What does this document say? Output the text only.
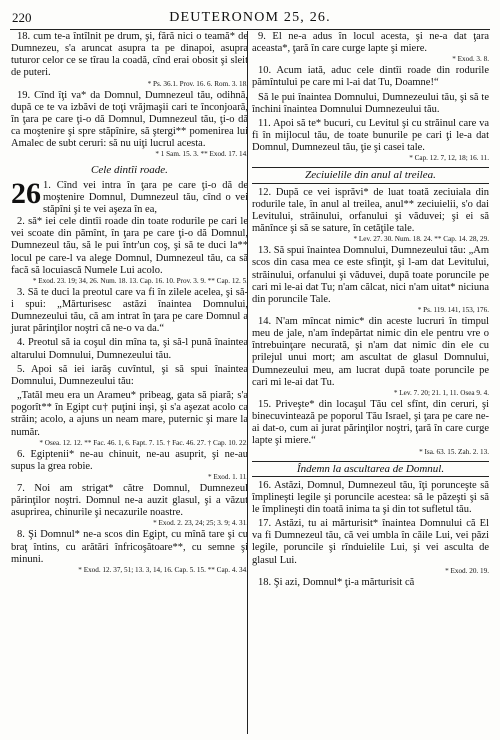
220	DEUTERONOM 25, 26.

18. cum te-a întîlnit pe drum, şi, fără nici o teamă* de Dumnezeu, s'a aruncat asupra ta pe dinapoi, asupra tuturor celor ce se tîrau la coadă, cînd erai obosit şi sleit de puteri.

* Ps. 36.1. Prov. 16. 6. Rom. 3. 18.

19. Cînd îţi va* da Domnul, Dumnezeul tău, odihnă, după ce te va izbăvi de toţi vrăjmaşii cari te înconjoară, în ţara pe care ţi-o dă Domnul, Dumnezeul tău, ţi-o dă ca moştenire şi spre stăpînire, să ştergi** pomenirea lui Amalec de subt ceruri: să nu uiţi lucrul acesta.

* 1 Sam. 15. 3. ** Exod. 17. 14.

Cele dintîi roade.
26 1. Cînd vei intra în ţara pe care ţi-o dă de moştenire Domnul, Dumnezeul tău, cînd o vei stăpîni şi te vei aşeza în ea,

2. să* iei cele dintîi roade din toate rodurile pe cari le vei scoate din pămînt, în ţara pe care ţi-o dă Domnul, Dumnezeul tău, să le pui într'un coş, şi să te duci la** locul pe care-l va alege Domnul, Dumnezeul tău, ca să facă să locuiască Numele Lui acolo.

* Exod. 23. 19; 34, 26. Num. 18. 13. Cap. 16. 10. Prov. 3. 9. ** Cap. 12. 5.

3. Să te duci la preotul care va fi în zilele acelea, şi să-i spui: „Mărturisesc astăzi înaintea Domnului, Dumnezeului tău, că am intrat în ţara pe care Domnul a jurat părinţilor noştri că ne-o va da.“

4. Preotul să ia coşul din mîna ta, şi să-l pună înaintea altarului Domnului, Dumnezeului tău.

5. Apoi să iei iarăş cuvîntul, şi să spui înaintea Domnului, Dumnezeului tău:

„Tatăl meu era un Arameu* pribeag, gata să piară; s'a pogorît** în Egipt cu† puţini inşi, şi s'a aşezat acolo ca străin; acolo, a ajuns un neam mare, puternic şi mare la număr.

* Osea. 12. 12. ** Fac. 46. 1, 6. Fapt. 7. 15. † Fac. 46. 27. † Cap. 10. 22.

6. Egiptenii* ne-au chinuit, ne-au asuprit, şi ne-au supus la grea robie.

* Exod. 1. 11.

7. Noi am strigat* către Domnul, Dumnezeul părinţilor noştri. Domnul ne-a auzit glasul, şi a văzut asuprirea, chinurile şi necazurile noastre.

* Exod. 2. 23, 24; 25; 3. 9; 4. 31.

8. Şi Domnul* ne-a scos din Egipt, cu mînă tare şi cu braţ întins, cu arătări înfricoşătoare**, cu semne şi minuni.

* Exod. 12. 37, 51; 13. 3, 14, 16. Cap. 5. 15. ** Cap. 4. 34.

9. El ne-a adus în locul acesta, şi ne-a dat ţara aceasta*, ţară în care curge lapte şi miere.

* Exod. 3. 8.

10. Acum iată, aduc cele dintîi roade din rodurile pămîntului pe care mi l-ai dat Tu, Doamne!“

Să le pui înaintea Domnului, Dumnezeului tău, şi să te închini înaintea Domnului Dumnezeului tău.

11. Apoi să te* bucuri, cu Levitul şi cu străinul care va fi în mijlocul tău, de toate bunurile pe cari ţi le-a dat Domnul, Dumnezeul tău, ţie şi casei tale.

* Cap. 12. 7, 12, 18; 16. 11.

Zeciuielile din anul al treilea.

12. După ce vei isprăvi* de luat toată zeciuiala din rodurile tale, în anul al treilea, anul** zeciuielii, s'o dai Levitului, străinului, orfanului şi văduvei; şi ei să mănînce şi să se sature, în cetăţile tale.

* Lev. 27. 30. Num. 18. 24. ** Cap. 14. 28, 29.

13. Să spui înaintea Domnului, Dumnezeului tău: „Am scos din casa mea ce este sfinţit, şi l-am dat Levitului, străinului, orfanului şi văduvei, după toate poruncile pe cari mi le-ai dat Tu; n'am călcat, nici n'am uitat* niciuna din poruncile Tale.

* Ps. 119. 141, 153, 176.

14. N'am mîncat nimic* din aceste lucruri în timpul meu de jale, n'am îndepărtat nimic din ele pentru vre o întrebuinţare necurată, şi n'am dat nimic din ele cu prilejul unui mort; am ascultat de glasul Domnului, Dumnezeului meu, am lucrat după toate poruncile pe cari mi le-ai dat Tu.

* Lev. 7. 20; 21. 1, 11. Osea 9. 4.

15. Priveşte* din locaşul Tău cel sfînt, din ceruri, şi binecuvintează pe poporul Tău Israel, şi ţara pe care ne-ai dat-o, cum ai jurat părinţilor noştri, ţară în care curge lapte şi miere.“

* Isa. 63. 15. Zah. 2. 13.

Îndemn la ascultarea de Domnul.

16. Astăzi, Domnul, Dumnezeul tău, îţi porunceşte să împlineşti legile şi poruncile acestea: să le păzeşti şi să le împlineşti din toată inima ta şi din tot sufletul tău.

17. Astăzi, tu ai mărturisit* înaintea Domnului că El va fi Dumnezeul tău, că vei umbla în căile Lui, vei păzi legile, poruncile şi rînduielile Lui, şi vei asculta de glasul Lui.

* Exod. 20. 19.

18. Şi azi, Domnul* ţi-a mărturisit că
